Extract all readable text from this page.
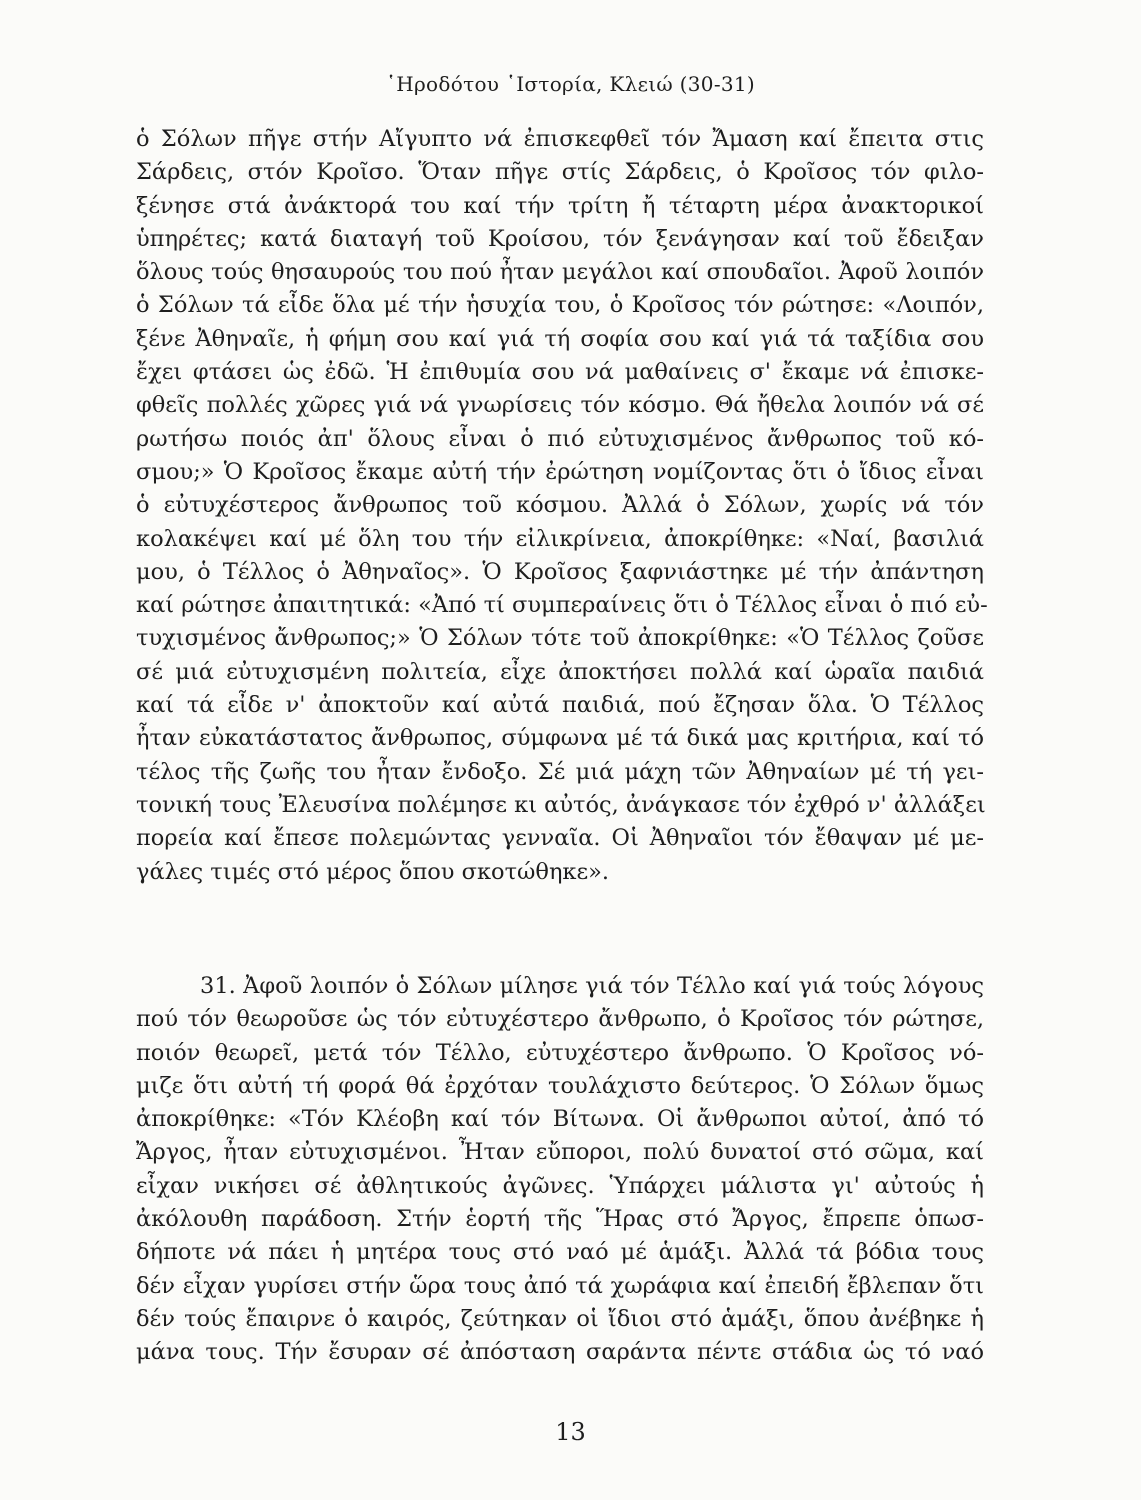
῾Ηροδότου ῾Ιστορία, Κλειώ (30-31)
ὁ Σόλων πῆγε στήν Αἴγυπτο νά ἐπισκεφθεῖ τόν Ἄμαση καί ἔπειτα στις
Σάρδεις, στόν Κροῖσο. Ὅταν πῆγε στίς Σάρδεις, ὁ Κροῖσος τόν φιλο-
ξένησε στά ἀνάκτορά του καί τήν τρίτη ἤ τέταρτη μέρα ἀνακτορικοί
ὑπηρέτες; κατά διαταγή τοῦ Κροίσου, τόν ξενάγησαν καί τοῦ ἔδειξαν
ὅλους τούς θησαυρούς του πού ἦταν μεγάλοι καί σπουδαῖοι. Ἀφοῦ λοιπόν
ὁ Σόλων τά εἶδε ὅλα μέ τήν ἡσυχία του, ὁ Κροῖσος τόν ρώτησε: «Λοιπόν,
ξένε Ἀθηναῖε, ἡ φήμη σου καί γιά τή σοφία σου καί γιά τά ταξίδια σου
ἔχει φτάσει ὡς ἐδῶ. Ἡ ἐπιθυμία σου νά μαθαίνεις σ' ἔκαμε νά ἐπισκε-
φθεῖς πολλές χῶρες γιά νά γνωρίσεις τόν κόσμο. Θά ἤθελα λοιπόν νά σέ
ρωτήσω ποιός ἀπ' ὅλους εἶναι ὁ πιό εὐτυχισμένος ἄνθρωπος τοῦ κό-
σμου;» Ὁ Κροῖσος ἔκαμε αὐτή τήν ἐρώτηση νομίζοντας ὅτι ὁ ἴδιος εἶναι
ὁ εὐτυχέστερος ἄνθρωπος τοῦ κόσμου. Ἀλλά ὁ Σόλων, χωρίς νά τόν
κολακέψει καί μέ ὅλη του τήν εἰλικρίνεια, ἀποκρίθηκε: «Ναί, βασιλιά
μου, ὁ Τέλλος ὁ Ἀθηναῖος». Ὁ Κροῖσος ξαφνιάστηκε μέ τήν ἀπάντηση
καί ρώτησε ἀπαιτητικά: «Ἀπό τί συμπεραίνεις ὅτι ὁ Τέλλος εἶναι ὁ πιό εὐ-
τυχισμένος ἄνθρωπος;» Ὁ Σόλων τότε τοῦ ἀποκρίθηκε: «Ὁ Τέλλος ζοῦσε
σέ μιά εὐτυχισμένη πολιτεία, εἶχε ἀποκτήσει πολλά καί ὡραῖα παιδιά
καί τά εἶδε ν' ἀποκτοῦν καί αὐτά παιδιά, πού ἔζησαν ὅλα. Ὁ Τέλλος
ἦταν εὐκατάστατος ἄνθρωπος, σύμφωνα μέ τά δικά μας κριτήρια, καί τό
τέλος τῆς ζωῆς του ἦταν ἔνδοξο. Σέ μιά μάχη τῶν Ἀθηναίων μέ τή γει-
τονική τους Ἐλευσίνα πολέμησε κι αὐτός, ἀνάγκασε τόν ἐχθρό ν' ἀλλάξει
πορεία καί ἔπεσε πολεμώντας γενναῖα. Οἱ Ἀθηναῖοι τόν ἔθαψαν μέ με-
γάλες τιμές στό μέρος ὅπου σκοτώθηκε».
31. Ἀφοῦ λοιπόν ὁ Σόλων μίλησε γιά τόν Τέλλο καί γιά τούς λόγους
πού τόν θεωροῦσε ὡς τόν εὐτυχέστερο ἄνθρωπο, ὁ Κροῖσος τόν ρώτησε,
ποιόν θεωρεῖ, μετά τόν Τέλλο, εὐτυχέστερο ἄνθρωπο. Ὁ Κροῖσος νό-
μιζε ὅτι αὐτή τή φορά θά ἐρχόταν τουλάχιστο δεύτερος. Ὁ Σόλων ὅμως
ἀποκρίθηκε: «Τόν Κλέοβη καί τόν Βίτωνα. Οἱ ἄνθρωποι αὐτοί, ἀπό τό
Ἄργος, ἦταν εὐτυχισμένοι. Ἦταν εὔποροι, πολύ δυνατοί στό σῶμα, καί
εἶχαν νικήσει σέ ἀθλητικούς ἀγῶνες. Ὑπάρχει μάλιστα γι' αὐτούς ἡ
ἀκόλουθη παράδοση. Στήν ἑορτή τῆς Ἥρας στό Ἄργος, ἔπρεπε ὁπωσ-
δήποτε νά πάει ἡ μητέρα τους στό ναό μέ ἁμάξι. Ἀλλά τά βόδια τους
δέν εἶχαν γυρίσει στήν ὥρα τους ἀπό τά χωράφια καί ἐπειδή ἔβλεπαν ὅτι
δέν τούς ἔπαιρνε ὁ καιρός, ζεύτηκαν οἱ ἴδιοι στό ἁμάξι, ὅπου ἀνέβηκε ἡ
μάνα τους. Τήν ἔσυραν σέ ἀπόσταση σαράντα πέντε στάδια ὡς τό ναό
13
